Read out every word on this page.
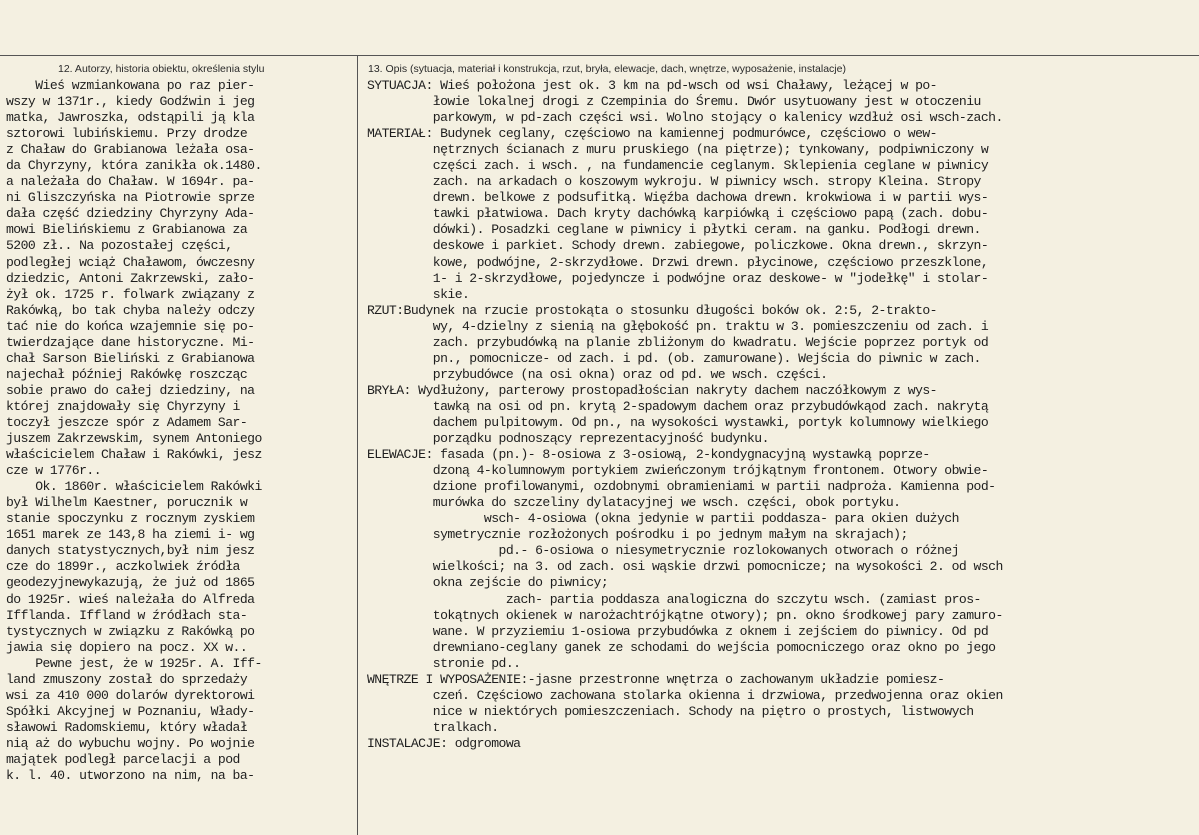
12. Autorzy, historia obiektu, określenia stylu	13. Opis (sytuacja, materiał i konstrukcja, rzut, bryła, elewacje, dach, wnętrze, wyposażenie, instalacje)
Wieś wzmiankowana po raz pier-
wszy w 1371r., kiedy Godźwin i jeg
matka, Jawroszka, odstąpili ją kla
sztorowi lubińskiemu. Przy drodze
z Chaław do Grabianowa leżała osa-
da Chyrzyny, która zanikła ok.1480.
a należała do Chaław. W 1694r. pa-
ni Gliszczyńska na Piotrowie sprze
dała część dziedziny Chyrzyny Ada-
mowi Bielińskiemu z Grabianowa za
5200 zł.. Na pozostałej części,
podległej wciąż Chaławom, ówczesny
dziedzic, Antoni Zakrzewski, zało-
żył ok. 1725 r. folwark związany z
Rakówką, bo tak chyba należy odczy
tać nie do końca wzajemnie się po-
twierdzające dane historyczne. Mi-
chał Sarson Bieliński z Grabianowa
najechał później Rakówkę roszcząc
sobie prawo do całej dziedziny, na
której znajdowały się Chyrzyny i
toczył jeszcze spór z Adamem Sar-
juszem Zakrzewskim, synem Antoniego
właścicielem Chaław i Rakówki, jesz
cze w 1776r..
Ok. 1860r. właścicielem Rakówki
był Wilhelm Kaestner, porucznik w
stanie spoczynku z rocznym zyskiem
1651 marek ze 143,8 ha ziemi i- wg
danych statystycznych,był nim jesz
cze do 1899r., aczkolwiek źródła
geodezyjnewykazują, że już od 1865
do 1925r. wieś należała do Alfreda
Ifflanda. Iffland w źródłach sta-
tystycznych w związku z Rakówką po
jawia się dopiero na pocz. XX w..
Pewne jest, że w 1925r. A. Iff-
land zmuszony został do sprzedaży
wsi za 410 000 dolarów dyrektorowi
Spółki Akcyjnej w Poznaniu, Włady-
sławowi Radomskiemu, który władał
nią aż do wybuchu wojny. Po wojnie
majątek podległ parcelacji a pod
k. l. 40. utworzono na nim, na ba-

SYTUACJA: Wieś położona jest ok. 3 km na pd-wsch od wsi Chaławy, leżącej w po-
łowie lokalnej drogi z Czempinia do Śremu. Dwór usytuowany jest w otoczeniu
parkowym, w pd-zach części wsi. Wolno stojący o kalenicy wzdłuż osi wsch-zach.
MATERIAŁ: Budynek ceglany, częściowo na kamiennej podmurówce, częściowo o wew-
nętrznych ścianach z muru pruskiego (na piętrze); tynkowany, podpiwniczony w
części zach. i wsch. , na fundamencie ceglanym. Sklepienia ceglane w piwnicy
zach. na arkadach o koszowym wykroju. W piwnicy wsch. stropy Kleina. Stropy
drewn. belkowe z podsufitką. Więźba dachowa drewn. krokwiowa i w partii wys-
tawki płatwiowa. Dach kryty dachówką karpiówką i częściowo papą (zach. dobu-
dówki). Posadzki ceglane w piwnicy i płytki ceram. na ganku. Podłogi drewn.
deskowe i parkiet. Schody drewn. zabiegowe, policzkowe. Okna drewn., skrzyn-
kowe, podwójne, 2-skrzydłowe. Drzwi drewn. płycinowe, częściowo przeszklone,
1- i 2-skrzydłowe, pojedyncze i podwójne oraz deskowe- w "jodełkę" i stolar-
skie.
RZUT:Budynek na rzucie prostokąta o stosunku długości boków ok. 2:5, 2-trakto-
wy, 4-dzielny z sienią na głębokość pn. traktu w 3. pomieszczeniu od zach. i
zach. przybudówką na planie zbliżonym do kwadratu. Wejście poprzez portyk od
pn., pomocnicze- od zach. i pd. (ob. zamurowane). Wejścia do piwnic w zach.
przybudówce (na osi okna) oraz od pd. we wsch. części.
BRYŁA: Wydłużony, parterowy prostopadłościan nakryty dachem naczółkowym z wys-
tawką na osi od pn. krytą 2-spadowym dachem oraz przybudówkąod zach. nakrytą
dachem pulpitowym. Od pn., na wysokości wystawki, portyk kolumnowy wielkiego
porządku podnoszący reprezentacyjność budynku.
ELEWACJE: fasada (pn.)- 8-osiowa z 3-osiową, 2-kondygnacyjną wystawką poprze-
dzoną 4-kolumnowym portykiem zwieńczonym trójkątnym frontonem. Otwory obwie-
dzione profilowanymi, ozdobnymi obramieniami w partii nadproża. Kamienna pod-
murówka do szczeliny dylatacyjnej we wsch. części, obok portyku.
wsch- 4-osiowa (okna jedynie w partii poddasza- para okien dużych
symetrycznie rozłożonych pośrodku i po jednym małym na skrajach);
pd.- 6-osiowa o niesymetrycznie rozlokowanych otworach o różnej
wielkości; na 3. od zach. osi wąskie drzwi pomocnicze; na wysokości 2. od wsch
okna zejście do piwnicy;
zach- partia poddasza analogiczna do szczytu wsch. (zamiast pros-
tokątnych okienek w narożachtrójkątne otwory); pn. okno środkowej pary zamuro-
wane. W przyziemiu 1-osiowa przybudówka z oknem i zejściem do piwnicy. Od pd
drewniano-ceglany ganek ze schodami do wejścia pomocniczego oraz okno po jego
stronie pd..
WNĘTRZE I WYPOSAŻENIE:-jasne przestronne wnętrza o zachowanym układzie pomiesz-
czeń. Częściowo zachowana stolarka okienna i drzwiowa, przedwojenna oraz okien
nice w niektórych pomieszczeniach. Schody na piętro o prostych, listwowych
tralkach.
INSTALACJE: odgromowa
